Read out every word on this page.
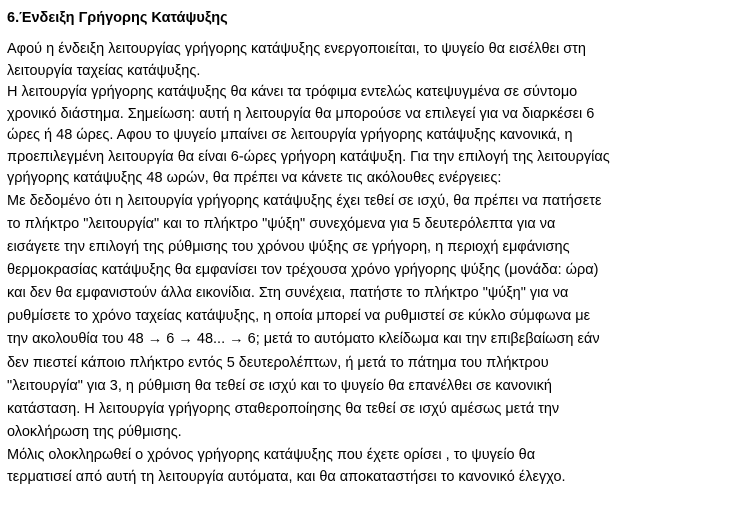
6.Ένδειξη Γρήγορης Κατάψυξης

Αφού η ένδειξη λειτουργίας γρήγορης κατάψυξης ενεργοποιείται, το ψυγείο θα εισέλθει στη
λειτουργία ταχείας κατάψυξης.

Η λειτουργία γρήγορης κατάψυξης θα κάνει τα τρόφιμα εντελώς κατεψυγμένα σε σύντομο
χρονικό διάστημα. Σημείωση: αυτή η λειτουργία θα μπορούσε να επιλεγεί για να διαρκέσει 6
ώρες ή 48 ώρες. Αφου το ψυγείο μπαίνει σε λειτουργία γρήγορης κατάψυξης κανονικά, η
προεπιλεγμένη λειτουργία θα είναι 6-ώρες γρήγορη κατάψυξη. Για την επιλογή της λειτουργίας
γρήγορης κατάψυξης 48 ωρών, θα πρέπει να κάνετε τις ακόλουθες ενέργειες:

Με δεδομένο ότι η λειτουργία γρήγορης κατάψυξης έχει τεθεί σε ισχύ, θα πρέπει να πατήσετε
το πλήκτρο "λειτουργία" και το πλήκτρο "ψύξη" συνεχόμενα για 5 δευτερόλεπτα για να
εισάγετε την επιλογή της ρύθμισης του χρόνου ψύξης σε γρήγορη, η περιοχή εμφάνισης
θερμοκρασίας κατάψυξης θα εμφανίσει τον τρέχουσα χρόνο γρήγορης ψύξης (μονάδα: ώρα)
και δεν θα εμφανιστούν άλλα εικονίδια. Στη συνέχεια, πατήστε το πλήκτρο "ψύξη" για να
ρυθμίσετε το χρόνο ταχείας κατάψυξης, η οποία μπορεί να ρυθμιστεί σε κύκλο σύμφωνα με
την ακολουθία του 48 → 6 → 48... → 6; μετά το αυτόματο κλείδωμα και την επιβεβαίωση εάν
δεν πιεστεί κάποιο πλήκτρο εντός 5 δευτερολέπτων, ή μετά το πάτημα του πλήκτρου
"λειτουργία" για 3, η ρύθμιση θα τεθεί σε ισχύ και το ψυγείο θα επανέλθει σε κανονική
κατάσταση. Η λειτουργία γρήγορης σταθεροποίησης θα τεθεί σε ισχύ αμέσως μετά την
ολοκλήρωση της ρύθμισης.

Μόλις ολοκληρωθεί ο χρόνος γρήγορης κατάψυξης που έχετε ορίσει , το ψυγείο θα
τερματισεί από αυτή τη λειτουργία αυτόματα, και θα αποκαταστήσει το κανονικό έλεγχο.
